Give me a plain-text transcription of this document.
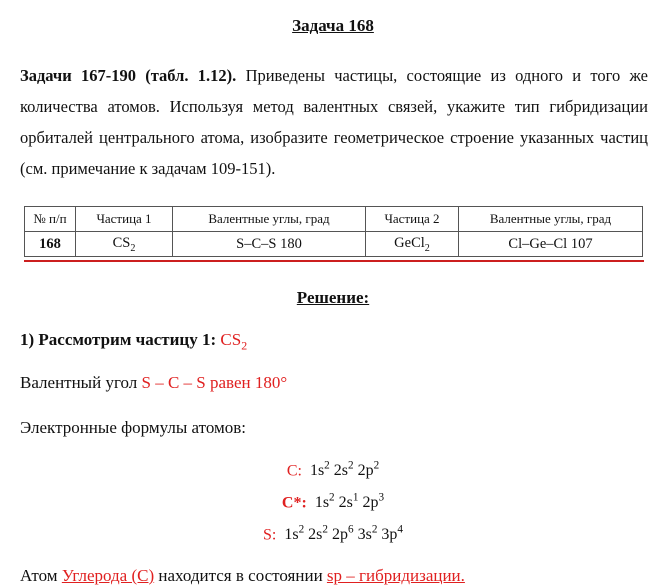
Задача 168
Задачи 167-190 (табл. 1.12). Приведены частицы, состоящие из одного и того же количества атомов. Используя метод валентных связей, укажите тип гибридизации орбиталей центрального атома, изобразите геометрическое строение указанных частиц (см. примечание к задачам 109-151).
№ п/п	Частица 1	Валентные углы, град	Частица 2	Валентные углы, град
168	$CS_2$	S–C–S 180	GeCl$_2$	Cl–Ge–Cl 107
Решение:
1) Рассмотрим частицу 1: $CS_2$
Валентный угол S – C – S равен 180°
Электронные формулы атомов:
C: $1s^2$ $2s^2$ $2p^2$
C*: $1s^2$ $2s^1$ $2p^3$
S: $1s^2$ $2s^2$ $2p^6$ $3s^2$ $3p^4$
Атом Углерода (С) находится в состоянии sp – гибридизации.
